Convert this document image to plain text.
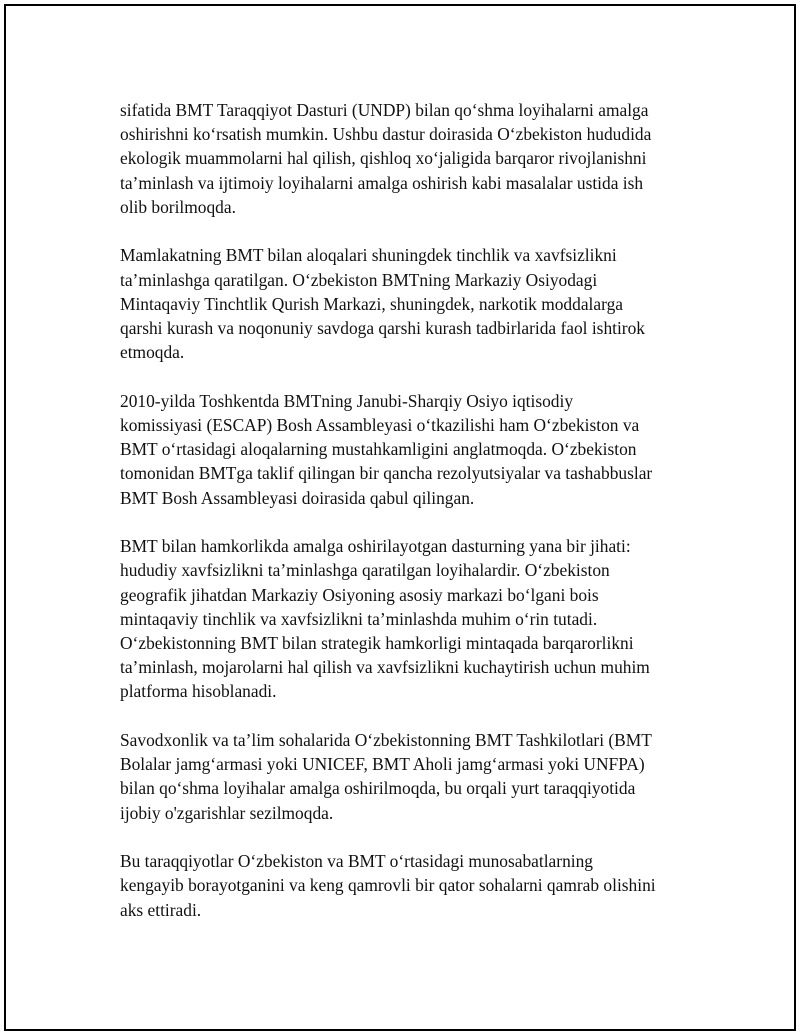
sifatida BMT Taraqqiyot Dasturi (UNDP) bilan qo‘shma loyihalarni amalga
oshirishni ko‘rsatish mumkin. Ushbu dastur doirasida O‘zbekiston hududida
ekologik muammolarni hal qilish, qishloq xo‘jaligida barqaror rivojlanishni
ta’minlash va ijtimoiy loyihalarni amalga oshirish kabi masalalar ustida ish
olib borilmoqda.

Mamlakatning BMT bilan aloqalari shuningdek tinchlik va xavfsizlikni
ta’minlashga qaratilgan. O‘zbekiston BMTning Markaziy Osiyodagi
Mintaqaviy Tinchtlik Qurish Markazi, shuningdek, narkotik moddalarga
qarshi kurash va noqonuniy savdoga qarshi kurash tadbirlarida faol ishtirok
etmoqda.

2010-yilda Toshkentda BMTning Janubi-Sharqiy Osiyo iqtisodiy
komissiyasi (ESCAP) Bosh Assambleyasi o‘tkazilishi ham O‘zbekiston va
BMT o‘rtasidagi aloqalarning mustahkamligini anglatmoqda. O‘zbekiston
tomonidan BMTga taklif qilingan bir qancha rezolyutsiyalar va tashabbuslar
BMT Bosh Assambleyasi doirasida qabul qilingan.

BMT bilan hamkorlikda amalga oshirilayotgan dasturning yana bir jihati:
hududiy xavfsizlikni ta’minlashga qaratilgan loyihalardir. O‘zbekiston
geografik jihatdan Markaziy Osiyoning asosiy markazi bo‘lgani bois
mintaqaviy tinchlik va xavfsizlikni ta’minlashda muhim o‘rin tutadi.
O‘zbekistonning BMT bilan strategik hamkorligi mintaqada barqarorlikni
ta’minlash, mojarolarni hal qilish va xavfsizlikni kuchaytirish uchun muhim
platforma hisoblanadi.

Savodxonlik va ta’lim sohalarida O‘zbekistonning BMT Tashkilotlari (BMT
Bolalar jamg‘armasi yoki UNICEF, BMT Aholi jamg‘armasi yoki UNFPA)
bilan qo‘shma loyihalar amalga oshirilmoqda, bu orqali yurt taraqqiyotida
ijobiy o'zgarishlar sezilmoqda.

Bu taraqqiyotlar O‘zbekiston va BMT o‘rtasidagi munosabatlarning
kengayib borayotganini va keng qamrovli bir qator sohalarni qamrab olishini
aks ettiradi.
